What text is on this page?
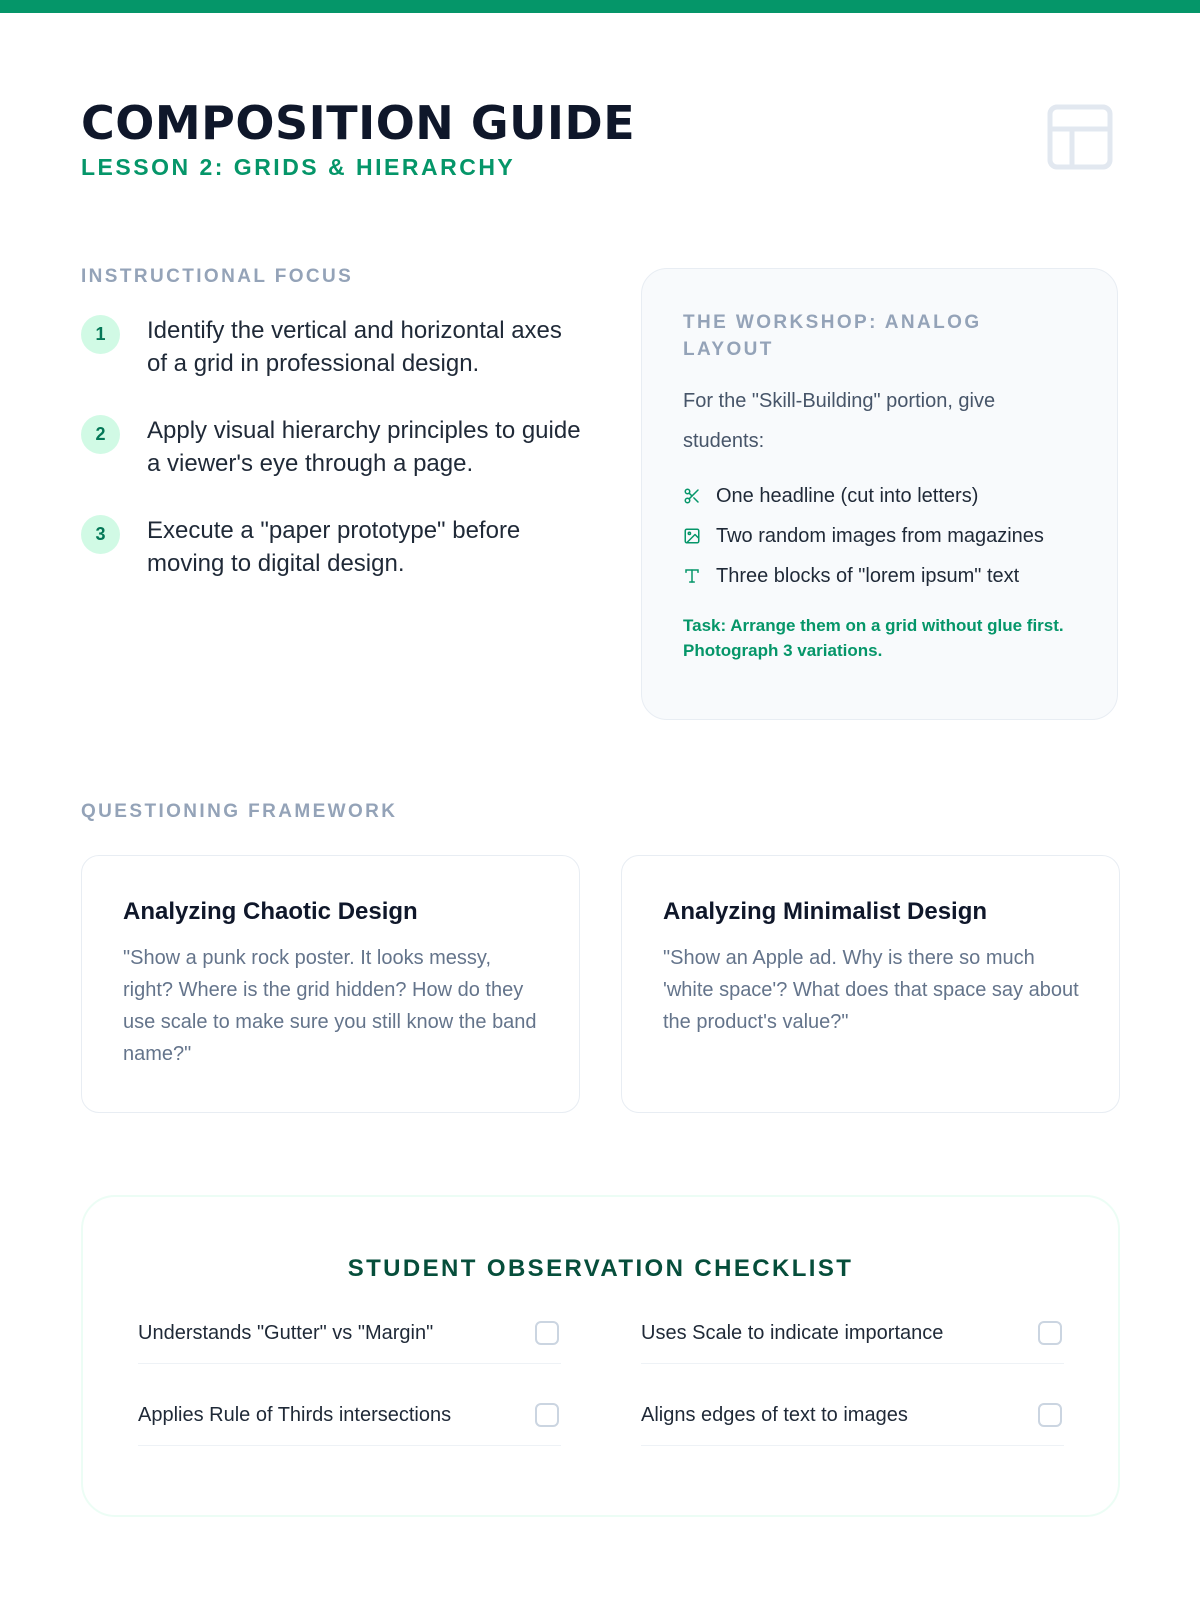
COMPOSITION GUIDE
LESSON 2: GRIDS & HIERARCHY
INSTRUCTIONAL FOCUS
1	Identify the vertical and horizontal axes of a grid in professional design.
2	Apply visual hierarchy principles to guide a viewer's eye through a page.
3	Execute a "paper prototype" before moving to digital design.
THE WORKSHOP: ANALOG LAYOUT
For the "Skill-Building" portion, give students:
One headline (cut into letters)
Two random images from magazines
Three blocks of "lorem ipsum" text
Task: Arrange them on a grid without glue first. Photograph 3 variations.
QUESTIONING FRAMEWORK
Analyzing Chaotic Design
"Show a punk rock poster. It looks messy, right? Where is the grid hidden? How do they use scale to make sure you still know the band name?"
Analyzing Minimalist Design
"Show an Apple ad. Why is there so much 'white space'? What does that space say about the product's value?"
STUDENT OBSERVATION CHECKLIST
Understands "Gutter" vs "Margin"	Uses Scale to indicate importance
Applies Rule of Thirds intersections	Aligns edges of text to images
